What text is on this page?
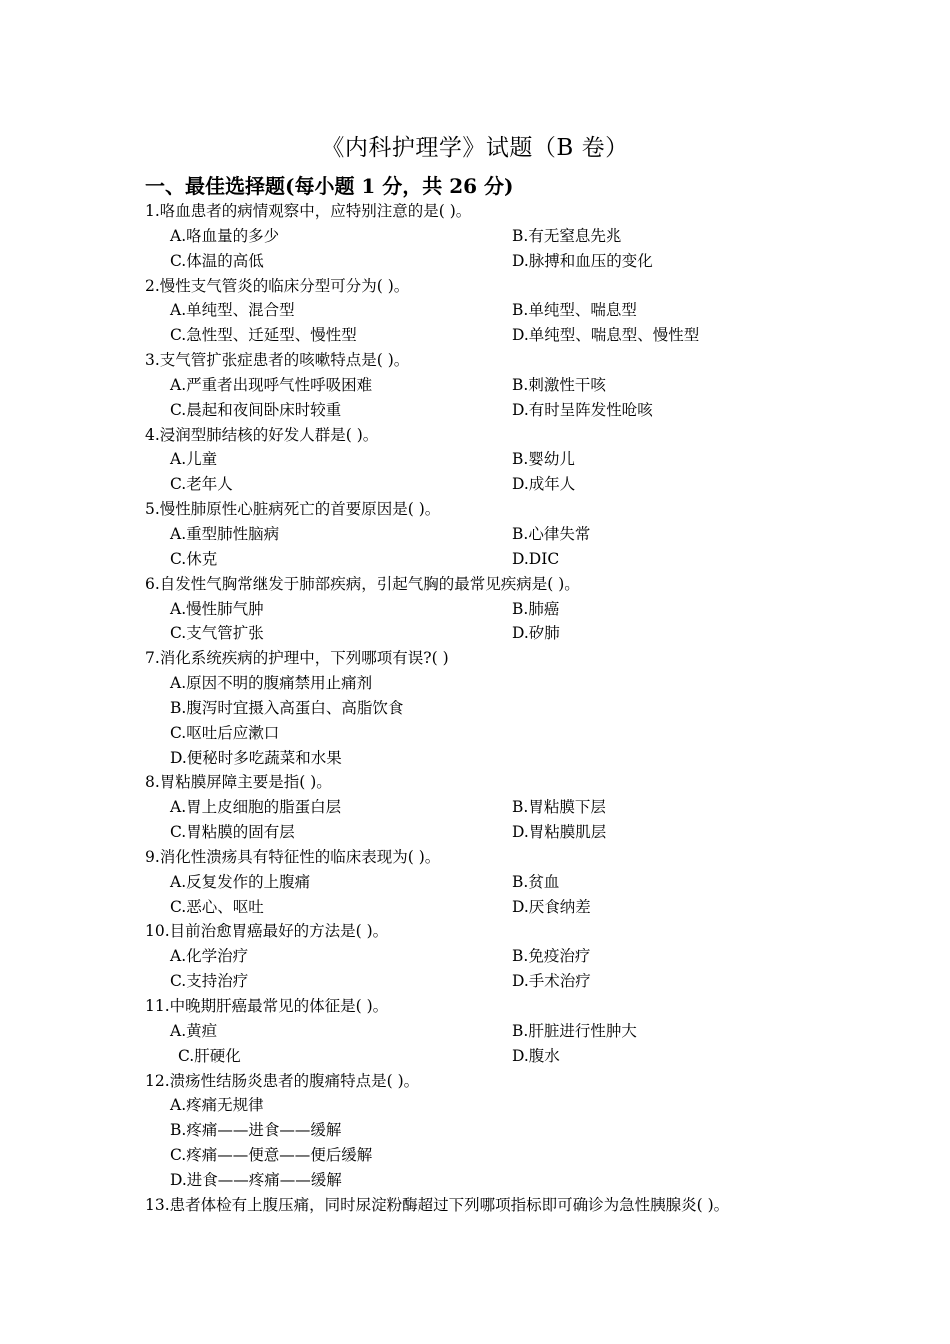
《内科护理学》试题（B 卷）
一、最佳选择题(每小题 1 分，共 26 分)
1.咯血患者的病情观察中，应特别注意的是( )。
A.咯血量的多少	B.有无窒息先兆
C.体温的高低	D.脉搏和血压的变化
2.慢性支气管炎的临床分型可分为( )。
A.单纯型、混合型	B.单纯型、喘息型
C.急性型、迁延型、慢性型	D.单纯型、喘息型、慢性型
3.支气管扩张症患者的咳嗽特点是( )。
A.严重者出现呼气性呼吸困难	B.刺激性干咳
C.晨起和夜间卧床时较重	D.有时呈阵发性呛咳
4.浸润型肺结核的好发人群是( )。
A.儿童	B.婴幼儿
C.老年人	D.成年人
5.慢性肺原性心脏病死亡的首要原因是( )。
A.重型肺性脑病	B.心律失常
C.休克	D.DIC
6.自发性气胸常继发于肺部疾病，引起气胸的最常见疾病是( )。
A.慢性肺气肿	B.肺癌
C.支气管扩张	D.矽肺
7.消化系统疾病的护理中，下列哪项有误?( )
A.原因不明的腹痛禁用止痛剂
B.腹泻时宜摄入高蛋白、高脂饮食
C.呕吐后应漱口
D.便秘时多吃蔬菜和水果
8.胃粘膜屏障主要是指( )。
A.胃上皮细胞的脂蛋白层	B.胃粘膜下层
C.胃粘膜的固有层	D.胃粘膜肌层
9.消化性溃疡具有特征性的临床表现为( )。
A.反复发作的上腹痛	B.贫血
C.恶心、呕吐	D.厌食纳差
10.目前治愈胃癌最好的方法是( )。
A.化学治疗	B.免疫治疗
C.支持治疗	D.手术治疗
11.中晚期肝癌最常见的体征是( )。
A.黄疸	B.肝脏进行性肿大
C.肝硬化	D.腹水
12.溃疡性结肠炎患者的腹痛特点是( )。
A.疼痛无规律
B.疼痛——进食——缓解
C.疼痛——便意——便后缓解
D.进食——疼痛——缓解
13.患者体检有上腹压痛，同时尿淀粉酶超过下列哪项指标即可确诊为急性胰腺炎( )。
